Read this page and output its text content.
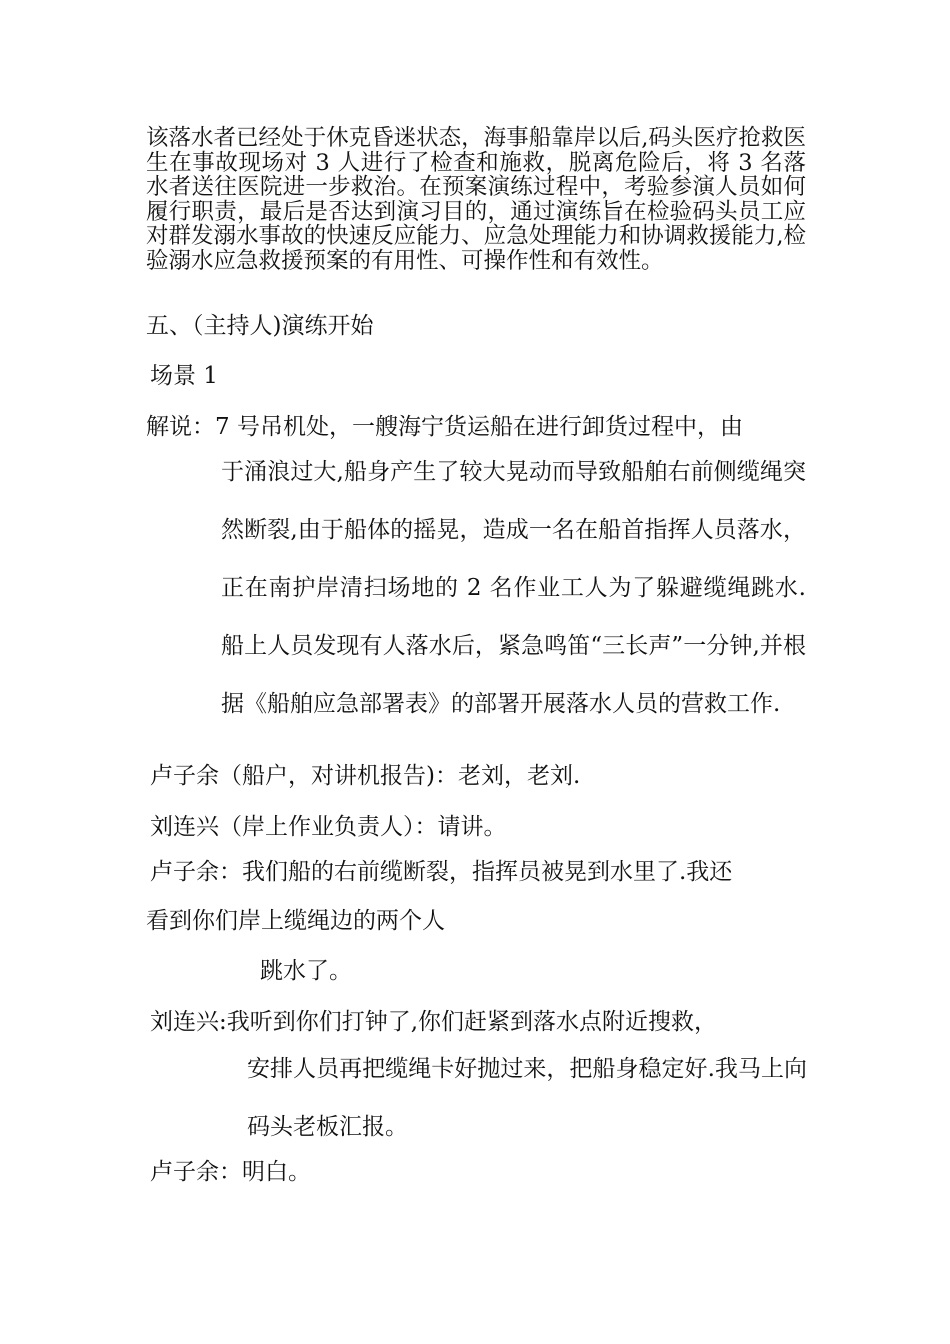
该落水者已经处于休克昏迷状态，海事船靠岸以后,码头医疗抢救医生在事故现场对 3 人进行了检查和施救，脱离危险后，将 3 名落水者送往医院进一步救治。在预案演练过程中，考验参演人员如何履行职责，最后是否达到演习目的，通过演练旨在检验码头员工应对群发溺水事故的快速反应能力、应急处理能力和协调救援能力,检验溺水应急救援预案的有用性、可操作性和有效性。

五、（主持人)演练开始

场景 1

解说：7 号吊机处，一艘海宁货运船在进行卸货过程中，由

于涌浪过大,船身产生了较大晃动而导致船舶右前侧缆绳突然断裂,由于船体的摇晃，造成一名在船首指挥人员落水，正在南护岸清扫场地的 2 名作业工人为了躲避缆绳跳水.船上人员发现有人落水后，紧急鸣笛“三长声”一分钟,并根据《船舶应急部署表》的部署开展落水人员的营救工作.

卢子余（船户，对讲机报告)：老刘，老刘.

刘连兴（岸上作业负责人）：请讲。

卢子余：我们船的右前缆断裂，指挥员被晃到水里了.我还

看到你们岸上缆绳边的两个人

跳水了。

刘连兴:我听到你们打钟了,你们赶紧到落水点附近搜救，

安排人员再把缆绳卡好抛过来，把船身稳定好.我马上向码头老板汇报。

卢子余：明白。
